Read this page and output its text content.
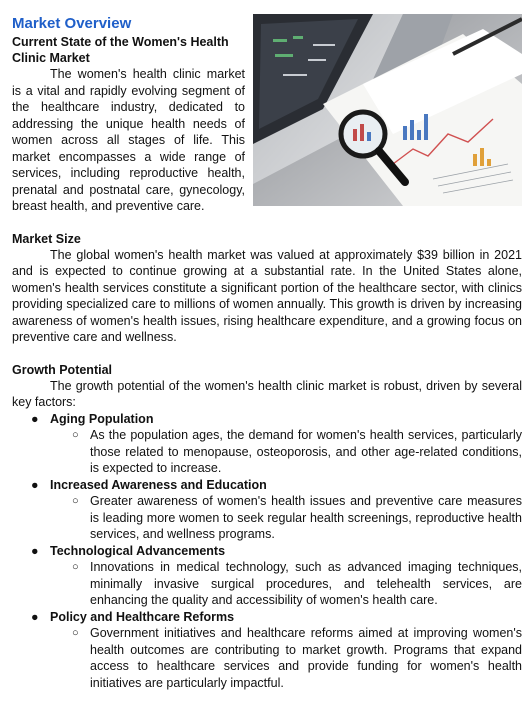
Market Overview
Current State of the Women's Health Clinic Market

The women's health clinic market is a vital and rapidly evolving segment of the healthcare industry, dedicated to addressing the unique health needs of women across all stages of life. This market encompasses a wide range of services, including reproductive health, prenatal and postnatal care, gynecology, breast health, and preventive care.

Market Size

The global women's health market was valued at approximately $39 billion in 2021 and is expected to continue growing at a substantial rate. In the United States alone, women's health services constitute a significant portion of the healthcare sector, with clinics providing specialized care to millions of women annually. This growth is driven by increasing awareness of women's health issues, rising healthcare expenditure, and a growing focus on preventive care and wellness.

Growth Potential

The growth potential of the women's health clinic market is robust, driven by several key factors:

● Aging Population
○ As the population ages, the demand for women's health services, particularly those related to menopause, osteoporosis, and other age-related conditions, is expected to increase.
● Increased Awareness and Education
○ Greater awareness of women's health issues and preventive care measures is leading more women to seek regular health screenings, reproductive health services, and wellness programs.
● Technological Advancements
○ Innovations in medical technology, such as advanced imaging techniques, minimally invasive surgical procedures, and telehealth services, are enhancing the quality and accessibility of women's health care.
● Policy and Healthcare Reforms
○ Government initiatives and healthcare reforms aimed at improving women's health outcomes are contributing to market growth. Programs that expand access to healthcare services and provide funding for women's health initiatives are particularly impactful.
